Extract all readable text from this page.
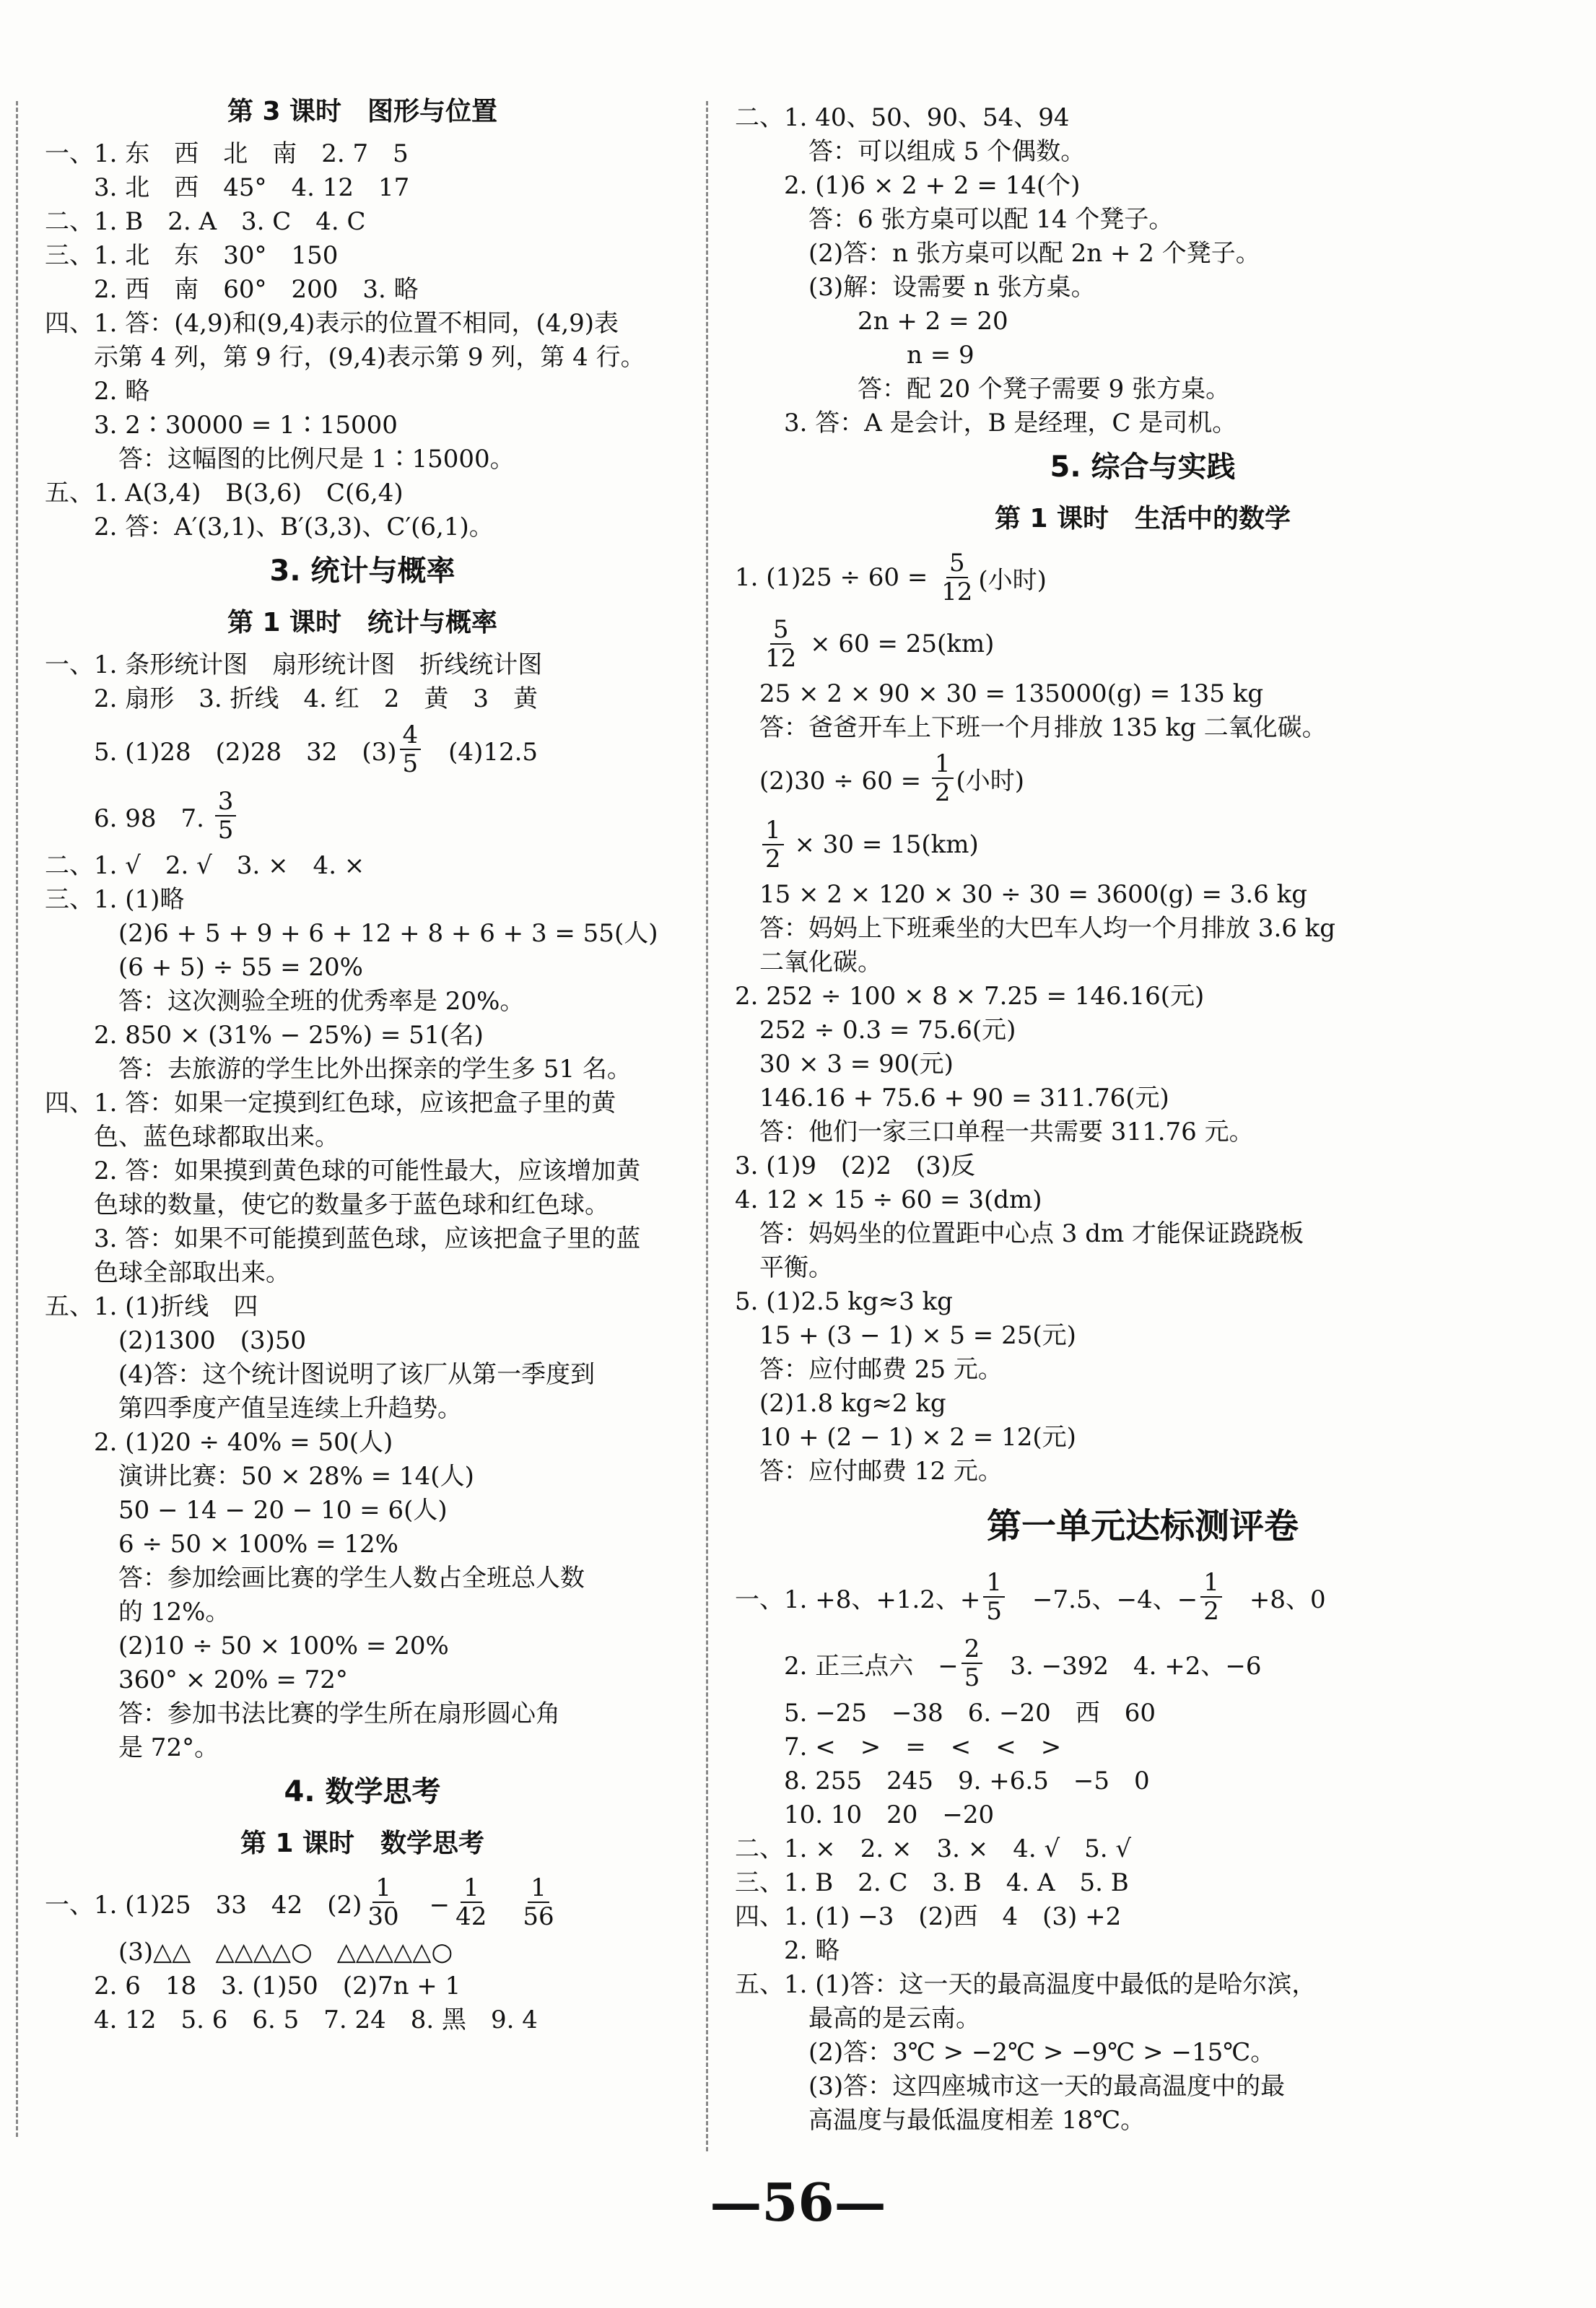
第 3 课时　图形与位置
一、1. 东　西　北　南　2. 7　5
　　3. 北　西　45°　4. 12　17
二、1. B　2. A　3. C　4. C
三、1. 北　东　30°　150
　　2. 西　南　60°　200　3. 略
四、1. 答：(4,9)和(9,4)表示的位置不相同，(4,9)表
　　示第 4 列，第 9 行，(9,4)表示第 9 列，第 4 行。
　　2. 略
　　3. 2∶30000 = 1∶15000
　　　答：这幅图的比例尺是 1∶15000。
五、1. A(3,4)　B(3,6)　C(6,4)
　　2. 答：A′(3,1)、B′(3,3)、C′(6,1)。
3. 统计与概率
第 1 课时　统计与概率
一、1. 条形统计图　扇形统计图　折线统计图
　　2. 扇形　3. 折线　4. 红　2　黄　3　黄
　　5. (1)28　(2)28　32　$(3) \frac{4}{5}$ 　(4)12.5
　　6. 98　7. $\frac{3}{5}$
二、1. √　2. √　3. ×　4. ×
三、1. (1)略
　　　(2)6 + 5 + 9 + 6 + 12 + 8 + 6 + 3 = 55(人)
　　　(6 + 5) ÷ 55 = 20%
　　　答：这次测验全班的优秀率是 20%。
　　2. 850 × (31% − 25%) = 51(名)
　　　答：去旅游的学生比外出探亲的学生多 51 名。
四、1. 答：如果一定摸到红色球，应该把盒子里的黄
　　色、蓝色球都取出来。
　　2. 答：如果摸到黄色球的可能性最大，应该增加黄
　　色球的数量，使它的数量多于蓝色球和红色球。
　　3. 答：如果不可能摸到蓝色球，应该把盒子里的蓝
　　色球全部取出来。
五、1. (1)折线　四
　　　(2)1300　(3)50
　　　(4)答：这个统计图说明了该厂从第一季度到
　　　第四季度产值呈连续上升趋势。
　　2. (1)20 ÷ 40% = 50(人)
　　　演讲比赛：50 × 28% = 14(人)
　　　50 − 14 − 20 − 10 = 6(人)
　　　6 ÷ 50 × 100% = 12%
　　　答：参加绘画比赛的学生人数占全班总人数
　　　的 12%。
　　　(2)10 ÷ 50 × 100% = 20%
　　　360° × 20% = 72°
　　　答：参加书法比赛的学生所在扇形圆心角
　　　是 72°。
4. 数学思考
第 1 课时　数学思考
一、1. (1)25　33　42　$(2) \frac{1}{30}$ 　− $\frac{1}{42}$
　 $\frac{1}{56}$
　　　(3)△△　△△△△○　△△△△△○
　　2. 6　18　3. (1)50　(2)7n + 1
　　4. 12　5. 6　6. 5　7. 24　8. 黑　9. 4
二、1. 40、50、90、54、94
　　　答：可以组成 5 个偶数。
　　2. (1)6 × 2 + 2 = 14(个)
　　　答：6 张方桌可以配 14 个凳子。
　　　(2)答：n 张方桌可以配 2n + 2 个凳子。
　　　(3)解：设需要 n 张方桌。
　　　　　2n + 2 = 20
　　　　　　　n = 9
　　　　　答：配 20 个凳子需要 9 张方桌。
　　3. 答：A 是会计，B 是经理，C 是司机。
5. 综合与实践
第 1 课时　生活中的数学
1. $(1)25 \div 60 = \frac{5}{12}$ (小时)

$\frac{5}{12} \times 60 = 25(km)$
　25 × 2 × 90 × 30 = 135000(g) = 135 kg
　答：爸爸开车上下班一个月排放 135 kg 二氧化碳。
　$(2)30 \div 60 = \frac{1}{2}$ (小时)

$\frac{1}{2} \times 30 = 15(km)$
　15 × 2 × 120 × 30 ÷ 30 = 3600(g) = 3.6 kg
　答：妈妈上下班乘坐的大巴车人均一个月排放 3.6 kg
　二氧化碳。
2. 252 ÷ 100 × 8 × 7.25 = 146.16(元)
　252 ÷ 0.3 = 75.6(元)
　30 × 3 = 90(元)
　146.16 + 75.6 + 90 = 311.76(元)
　答：他们一家三口单程一共需要 311.76 元。
3. (1)9　(2)2　(3)反
4. 12 × 15 ÷ 60 = 3(dm)
　答：妈妈坐的位置距中心点 3 dm 才能保证跷跷板
　平衡。
5. (1)2.5 kg≈3 kg
　15 + (3 − 1) × 5 = 25(元)
　答：应付邮费 25 元。
　(2)1.8 kg≈2 kg
　10 + (2 − 1) × 2 = 12(元)
　答：应付邮费 12 元。
第一单元达标测评卷
一、1. +8、+1.2、+ $\frac{1}{5}$ 　−7.5、−4、− $\frac{1}{2}$ 　+8、0
　　2. 正三点六　− $\frac{2}{5}$ 　3. −392　4. +2、−6
　　5. −25　−38　6. −20　西　60
　　7. <　>　=　<　<　>
　　8. 255　245　9. +6.5　−5　0
　　10. 10　20　−20
二、1. ×　2. ×　3. ×　4. √　5. √
三、1. B　2. C　3. B　4. A　5. B
四、1. (1) −3　(2)西　4　(3) +2
　　2. 略
五、1. (1)答：这一天的最高温度中最低的是哈尔滨，
　　　最高的是云南。
　　　(2)答：3℃ > −2℃ > −9℃ > −15℃。
　　　(3)答：这四座城市这一天的最高温度中的最
　　　高温度与最低温度相差 18℃。
—56—
